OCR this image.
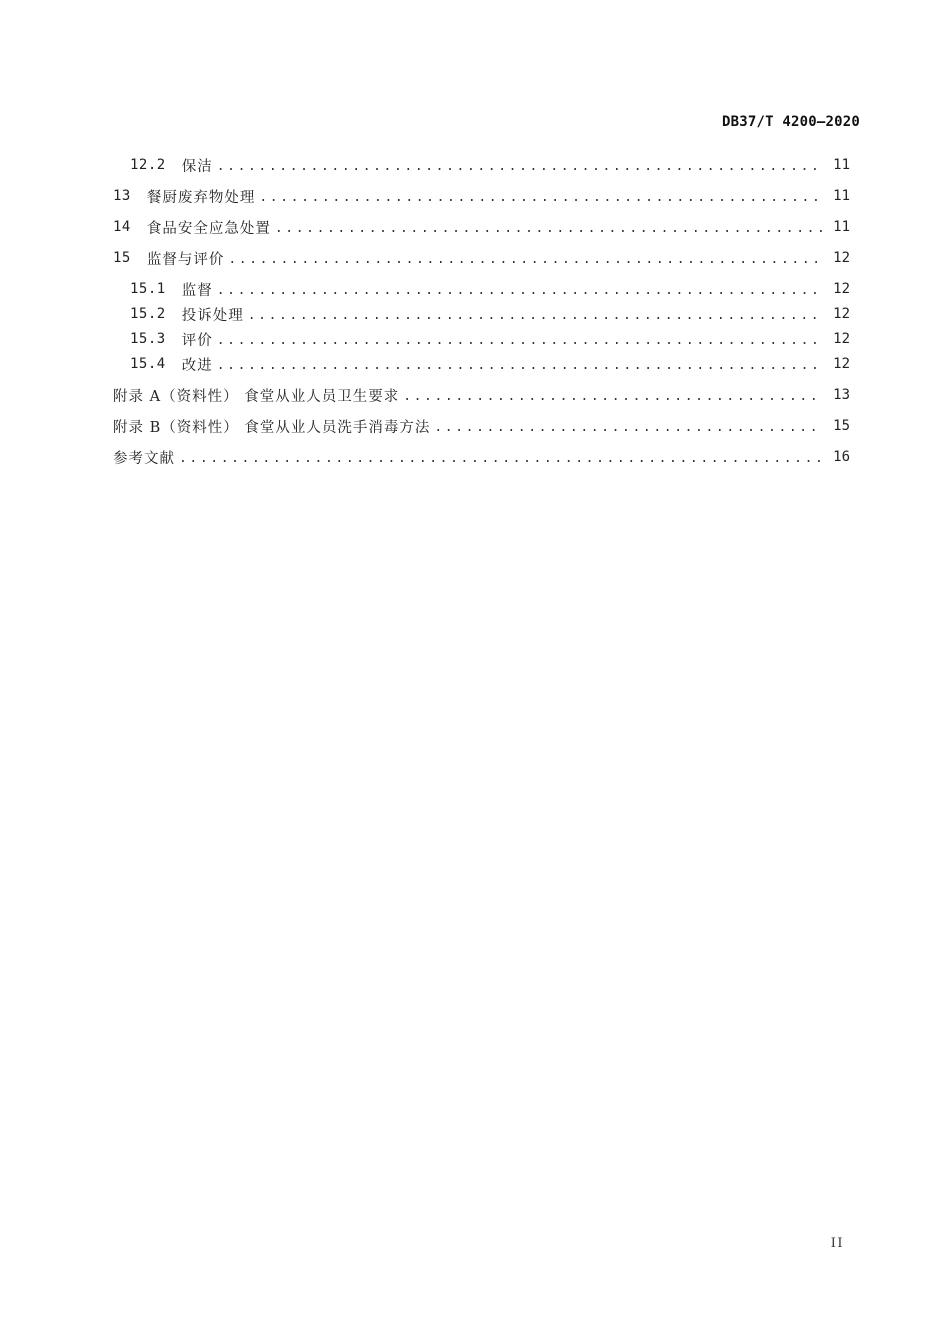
DB37/T 4200—2020
12.2 保洁 .....	11
13 餐厨废弃物处理 .....	11
14 食品安全应急处置 .....	11
15 监督与评价 .....	12
15.1 监督 .....	12
15.2 投诉处理 .....	12
15.3 评价 .....	12
15.4 改进 .....	12
附录 A（资料性） 食堂从业人员卫生要求 .....	13
附录 B（资料性） 食堂从业人员洗手消毒方法 .....	15
参考文献 .....	16
II
